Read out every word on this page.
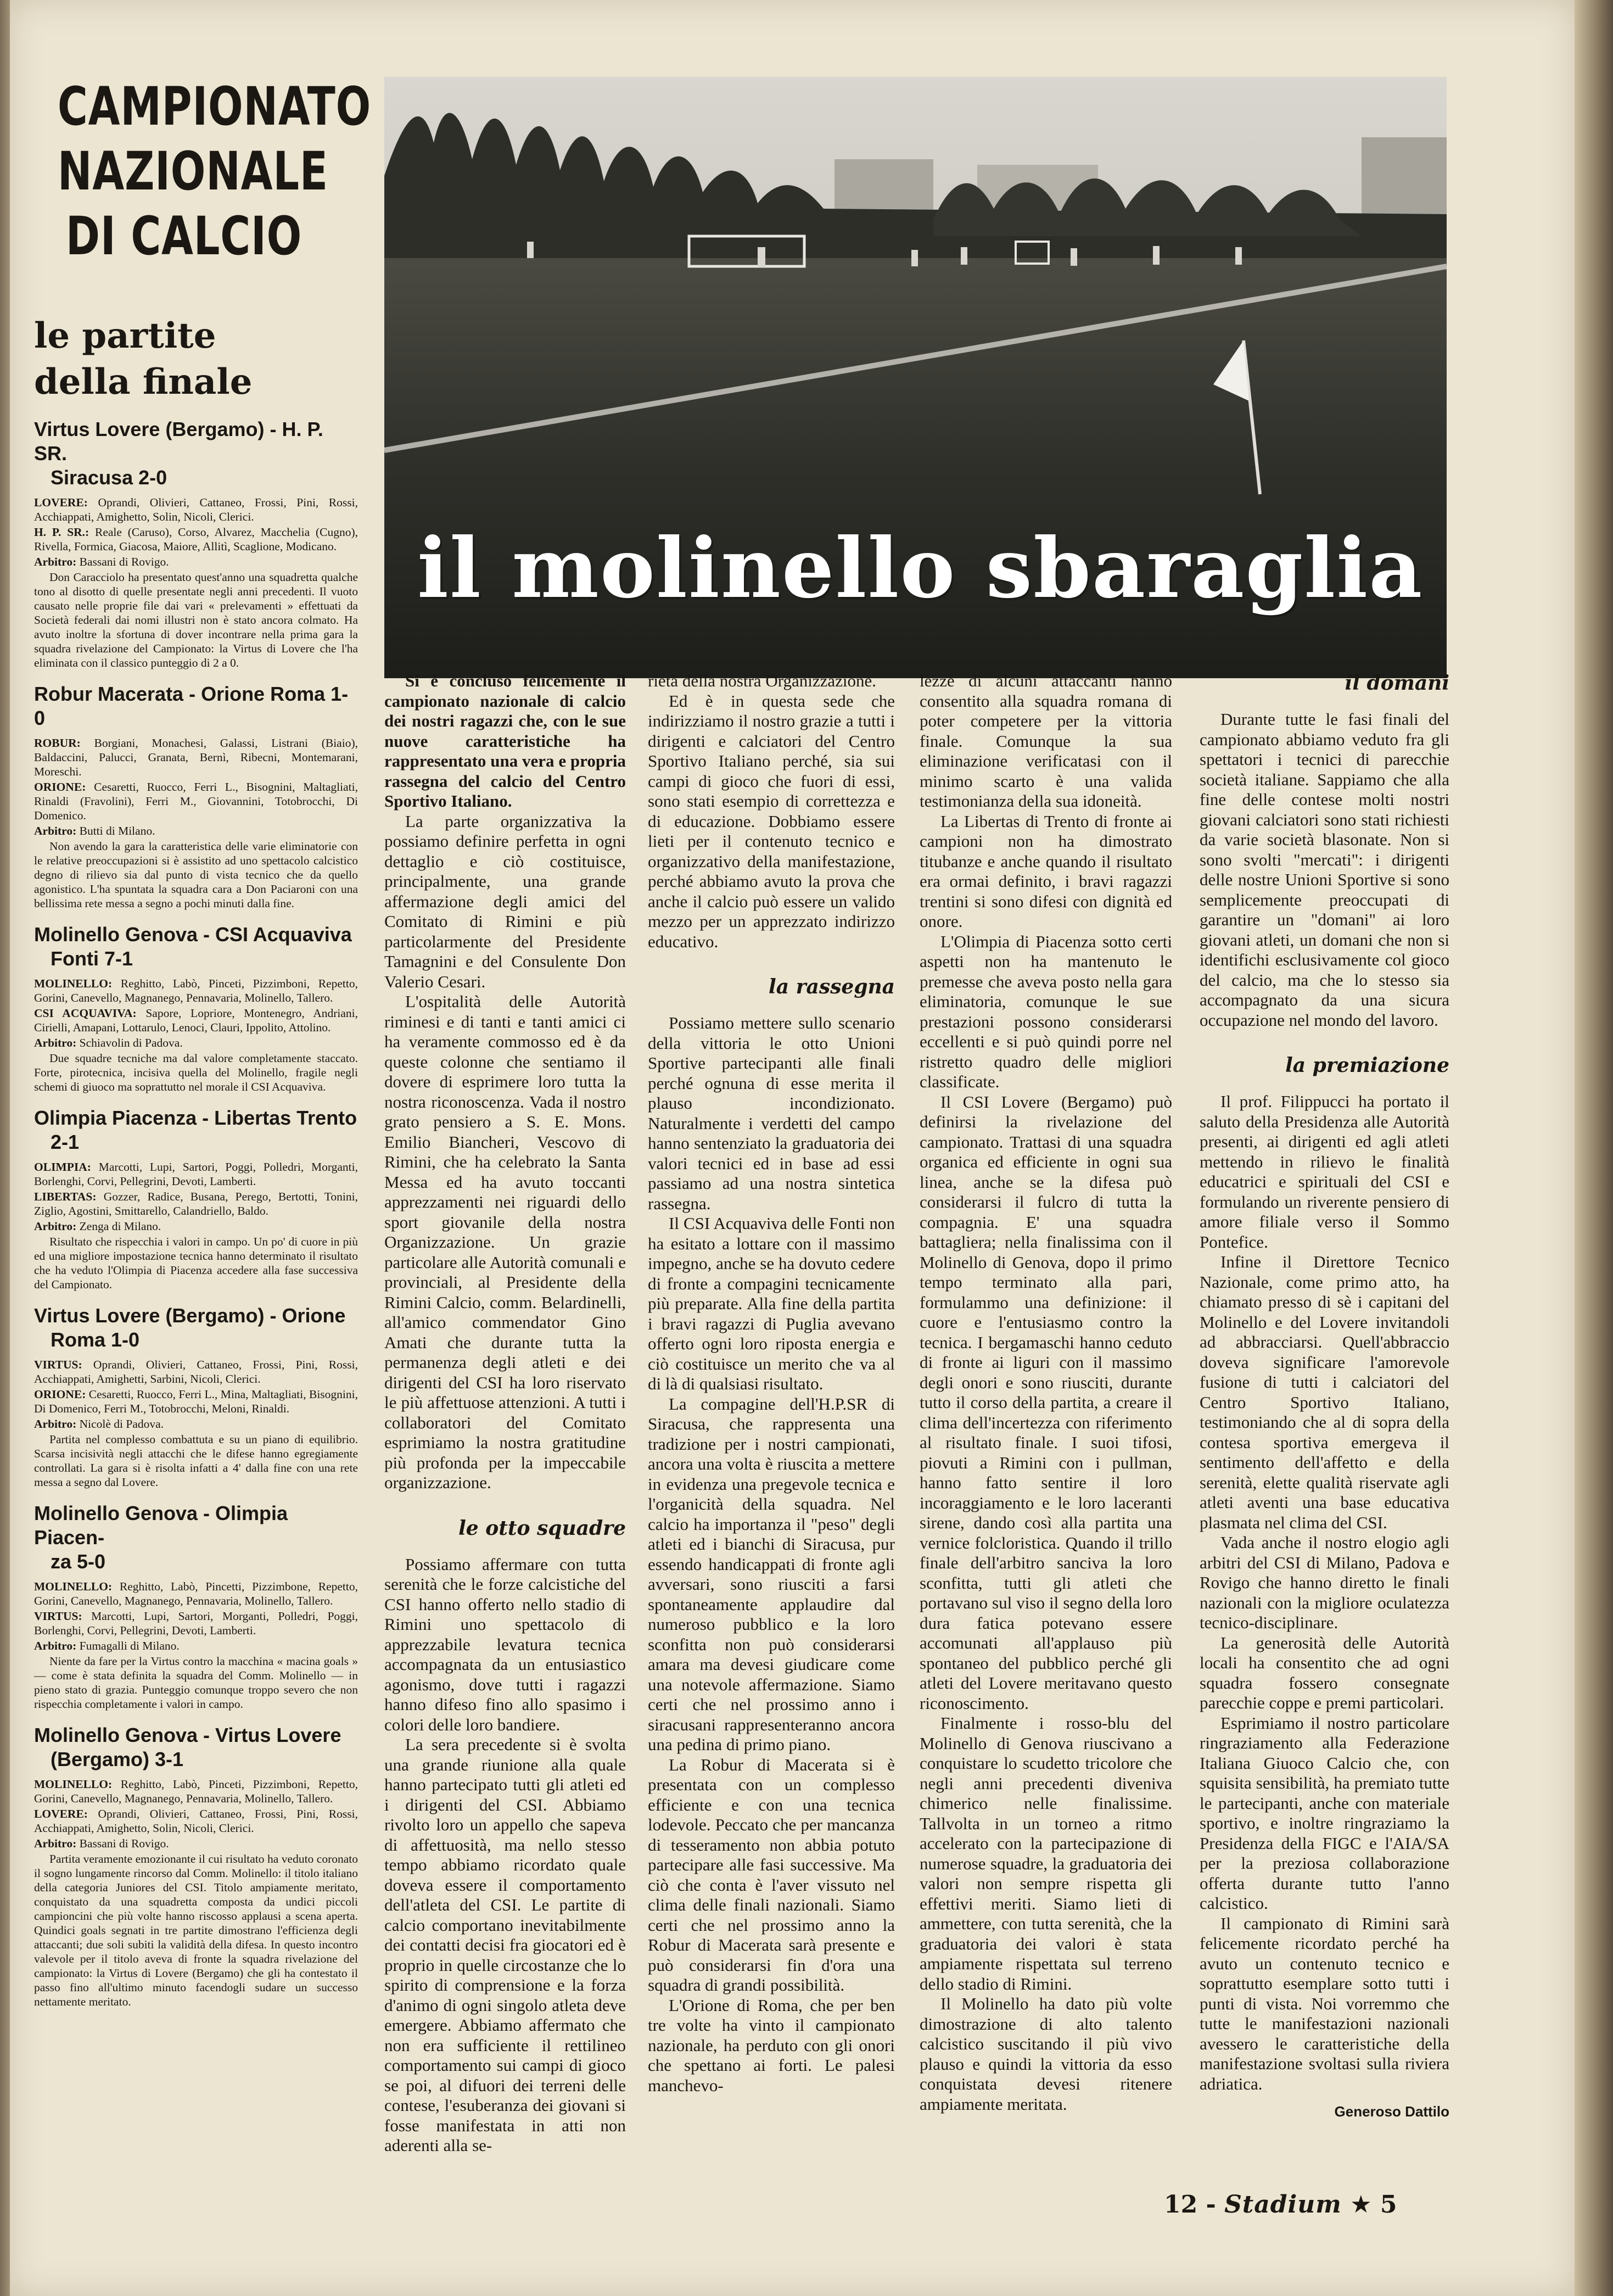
CAMPIONATO
NAZIONALE
DI CALCIO
le partite
della finale
Virtus Lovere (Bergamo) - H. P. SR.
Siracusa 2-0

LOVERE: Oprandi, Olivieri, Cattaneo, Frossi, Pini, Rossi, Acchiappati, Amighetto, Solin, Nicoli, Clerici.

H. P. SR.: Reale (Caruso), Corso, Alvarez, Macchelia (Cugno), Rivella, Formica, Giacosa, Maiore, Allitì, Scaglione, Modicano.

Arbitro: Bassani di Rovigo.

Don Caracciolo ha presentato quest'anno una squadretta qualche tono al disotto di quelle presentate negli anni precedenti. Il vuoto causato nelle proprie file dai vari « prelevamenti » effettuati da Società federali dai nomi illustri non è stato ancora colmato. Ha avuto inoltre la sfortuna di dover incontrare nella prima gara la squadra rivelazione del Campionato: la Virtus di Lovere che l'ha eliminata con il classico punteggio di 2 a 0.

Robur Macerata - Orione Roma 1-0

ROBUR: Borgiani, Monachesi, Galassi, Listrani (Biaio), Baldaccini, Palucci, Granata, Bernì, Ribecni, Montemarani, Moreschi.

ORIONE: Cesaretti, Ruocco, Ferri L., Bisognini, Maltagliati, Rinaldi (Fravolini), Ferri M., Giovannini, Totobrocchi, Di Domenico.

Arbitro: Butti di Milano.

Non avendo la gara la caratteristica delle varie eliminatorie con le relative preoccupazioni si è assistito ad uno spettacolo calcistico degno di rilievo sia dal punto di vista tecnico che da quello agonistico. L'ha spuntata la squadra cara a Don Paciaroni con una bellissima rete messa a segno a pochi minuti dalla fine.

Molinello Genova - CSI Acquaviva
Fonti 7-1

MOLINELLO: Reghitto, Labò, Pinceti, Pizzimboni, Repetto, Gorini, Canevello, Magnanego, Pennavaria, Molinello, Tallero.

CSI ACQUAVIVA: Sapore, Lopriore, Montenegro, Andriani, Cirielli, Amapani, Lottarulo, Lenoci, Clauri, Ippolito, Attolino.

Arbitro: Schiavolin di Padova.

Due squadre tecniche ma dal valore completamente staccato. Forte, pirotecnica, incisiva quella del Molinello, fragile negli schemi di giuoco ma soprattutto nel morale il CSI Acquaviva.

Olimpia Piacenza - Libertas Trento
2-1

OLIMPIA: Marcotti, Lupi, Sartori, Poggi, Polledri, Morganti, Borlenghi, Corvi, Pellegrini, Devoti, Lamberti.

LIBERTAS: Gozzer, Radice, Busana, Perego, Bertotti, Tonini, Ziglio, Agostini, Smittarello, Calandriello, Baldo.

Arbitro: Zenga di Milano.

Risultato che rispecchia i valori in campo. Un po' di cuore in più ed una migliore impostazione tecnica hanno determinato il risultato che ha veduto l'Olimpia di Piacenza accedere alla fase successiva del Campionato.

Virtus Lovere (Bergamo) - Orione
Roma 1-0

VIRTUS: Oprandi, Olivieri, Cattaneo, Frossi, Pini, Rossi, Acchiappati, Amighetti, Sarbini, Nicoli, Clerici.

ORIONE: Cesaretti, Ruocco, Ferri L., Mina, Maltagliati, Bisognini, Di Domenico, Ferri M., Totobrocchi, Meloni, Rinaldi.

Arbitro: Nicolè di Padova.

Partita nel complesso combattuta e su un piano di equilibrio. Scarsa incisività negli attacchi che le difese hanno egregiamente controllati. La gara si è risolta infatti a 4' dalla fine con una rete messa a segno dal Lovere.

Molinello Genova - Olimpia Piacen-
za 5-0

MOLINELLO: Reghitto, Labò, Pincetti, Pizzimbone, Repetto, Gorini, Canevello, Magnanego, Pennavaria, Molinello, Tallero.

VIRTUS: Marcotti, Lupi, Sartori, Morganti, Polledri, Poggi, Borlenghi, Corvi, Pellegrini, Devoti, Lamberti.

Arbitro: Fumagalli di Milano.

Niente da fare per la Virtus contro la macchina « macina goals » — come è stata definita la squadra del Comm. Molinello — in pieno stato di grazia. Punteggio comunque troppo severo che non rispecchia completamente i valori in campo.

Molinello Genova - Virtus Lovere
(Bergamo) 3-1

MOLINELLO: Reghitto, Labò, Pinceti, Pizzimboni, Repetto, Gorini, Canevello, Magnanego, Pennavaria, Molinello, Tallero.

LOVERE: Oprandi, Olivieri, Cattaneo, Frossi, Pini, Rossi, Acchiappati, Amighetto, Solin, Nicoli, Clerici.

Arbitro: Bassani di Rovigo.

Partita veramente emozionante il cui risultato ha veduto coronato il sogno lungamente rincorso dal Comm. Molinello: il titolo italiano della categoria Juniores del CSI. Titolo ampiamente meritato, conquistato da una squadretta composta da undici piccoli campioncini che più volte hanno riscosso applausi a scena aperta. Quindici goals segnati in tre partite dimostrano l'efficienza degli attaccanti; due soli subiti la validità della difesa. In questo incontro valevole per il titolo aveva di fronte la squadra rivelazione del campionato: la Virtus di Lovere (Bergamo) che gli ha contestato il passo fino all'ultimo minuto facendogli sudare un successo nettamente meritato.

il molinello sbaraglia

Si è concluso felicemente il campionato nazionale di calcio dei nostri ragazzi che, con le sue nuove caratteristiche ha rappresentato una vera e propria rassegna del calcio del Centro Sportivo Italiano.

La parte organizzativa la possiamo definire perfetta in ogni dettaglio e ciò costituisce, principalmente, una grande affermazione degli amici del Comitato di Rimini e più particolarmente del Presidente Tamagnini e del Consulente Don Valerio Cesari.

L'ospitalità delle Autorità riminesi e di tanti e tanti amici ci ha veramente commosso ed è da queste colonne che sentiamo il dovere di esprimere loro tutta la nostra riconoscenza. Vada il nostro grato pensiero a S. E. Mons. Emilio Biancheri, Vescovo di Rimini, che ha celebrato la Santa Messa ed ha avuto toccanti apprezzamenti nei riguardi dello sport giovanile della nostra Organizzazione. Un grazie particolare alle Autorità comunali e provinciali, al Presidente della Rimini Calcio, comm. Belardinelli, all'amico commendator Gino Amati che durante tutta la permanenza degli atleti e dei dirigenti del CSI ha loro riservato le più affettuose attenzioni. A tutti i collaboratori del Comitato esprimiamo la nostra gratitudine più profonda per la impeccabile organizzazione.

le otto squadre

Possiamo affermare con tutta serenità che le forze calcistiche del CSI hanno offerto nello stadio di Rimini uno spettacolo di apprezzabile levatura tecnica accompagnata da un entusiastico agonismo, dove tutti i ragazzi hanno difeso fino allo spasimo i colori delle loro bandiere.

La sera precedente si è svolta una grande riunione alla quale hanno partecipato tutti gli atleti ed i dirigenti del CSI. Abbiamo rivolto loro un appello che sapeva di affettuosità, ma nello stesso tempo abbiamo ricordato quale doveva essere il comportamento dell'atleta del CSI. Le partite di calcio comportano inevitabilmente dei contatti decisi fra giocatori ed è proprio in quelle circostanze che lo spirito di comprensione e la forza d'animo di ogni singolo atleta deve emergere. Abbiamo affermato che non era sufficiente il rettilineo comportamento sui campi di gioco se poi, al difuori dei terreni delle contese, l'esuberanza dei giovani si fosse manifestata in atti non aderenti alla se-

rietà della nostra Organizzazione.

Ed è in questa sede che indirizziamo il nostro grazie a tutti i dirigenti e calciatori del Centro Sportivo Italiano perché, sia sui campi di gioco che fuori di essi, sono stati esempio di correttezza e di educazione. Dobbiamo essere lieti per il contenuto tecnico e organizzativo della manifestazione, perché abbiamo avuto la prova che anche il calcio può essere un valido mezzo per un apprezzato indirizzo educativo.

la rassegna

Possiamo mettere sullo scenario della vittoria le otto Unioni Sportive partecipanti alle finali perché ognuna di esse merita il plauso incondizionato. Naturalmente i verdetti del campo hanno sentenziato la graduatoria dei valori tecnici ed in base ad essi passiamo ad una nostra sintetica rassegna.

Il CSI Acquaviva delle Fonti non ha esitato a lottare con il massimo impegno, anche se ha dovuto cedere di fronte a compagini tecnicamente più preparate. Alla fine della partita i bravi ragazzi di Puglia avevano offerto ogni loro riposta energia e ciò costituisce un merito che va al di là di qualsiasi risultato.

La compagine dell'H.P.SR di Siracusa, che rappresenta una tradizione per i nostri campionati, ancora una volta è riuscita a mettere in evidenza una pregevole tecnica e l'organicità della squadra. Nel calcio ha importanza il "peso" degli atleti ed i bianchi di Siracusa, pur essendo handicappati di fronte agli avversari, sono riusciti a farsi spontaneamente applaudire dal numeroso pubblico e la loro sconfitta non può considerarsi amara ma devesi giudicare come una notevole affermazione. Siamo certi che nel prossimo anno i siracusani rappresenteranno ancora una pedina di primo piano.

La Robur di Macerata si è presentata con un complesso efficiente e con una tecnica lodevole. Peccato che per mancanza di tesseramento non abbia potuto partecipare alle fasi successive. Ma ciò che conta è l'aver vissuto nel clima delle finali nazionali. Siamo certi che nel prossimo anno la Robur di Macerata sarà presente e può considerarsi fin d'ora una squadra di grandi possibilità.

L'Orione di Roma, che per ben tre volte ha vinto il campionato nazionale, ha perduto con gli onori che spettano ai forti. Le palesi manchevo-

lezze di alcuni attaccanti hanno consentito alla squadra romana di poter competere per la vittoria finale. Comunque la sua eliminazione verificatasi con il minimo scarto è una valida testimonianza della sua idoneità.

La Libertas di Trento di fronte ai campioni non ha dimostrato titubanze e anche quando il risultato era ormai definito, i bravi ragazzi trentini si sono difesi con dignità ed onore.

L'Olimpia di Piacenza sotto certi aspetti non ha mantenuto le premesse che aveva posto nella gara eliminatoria, comunque le sue prestazioni possono considerarsi eccellenti e si può quindi porre nel ristretto quadro delle migliori classificate.

Il CSI Lovere (Bergamo) può definirsi la rivelazione del campionato. Trattasi di una squadra organica ed efficiente in ogni sua linea, anche se la difesa può considerarsi il fulcro di tutta la compagnia. E' una squadra battagliera; nella finalissima con il Molinello di Genova, dopo il primo tempo terminato alla pari, formulammo una definizione: il cuore e l'entusiasmo contro la tecnica. I bergamaschi hanno ceduto di fronte ai liguri con il massimo degli onori e sono riusciti, durante tutto il corso della partita, a creare il clima dell'incertezza con riferimento al risultato finale. I suoi tifosi, piovuti a Rimini con i pullman, hanno fatto sentire il loro incoraggiamento e le loro laceranti sirene, dando così alla partita una vernice folcloristica. Quando il trillo finale dell'arbitro sanciva la loro sconfitta, tutti gli atleti che portavano sul viso il segno della loro dura fatica potevano essere accomunati all'applauso più spontaneo del pubblico perché gli atleti del Lovere meritavano questo riconoscimento.

Finalmente i rosso-blu del Molinello di Genova riuscivano a conquistare lo scudetto tricolore che negli anni precedenti diveniva chimerico nelle finalissime. Tallvolta in un torneo a ritmo accelerato con la partecipazione di numerose squadre, la graduatoria dei valori non sempre rispetta gli effettivi meriti. Siamo lieti di ammettere, con tutta serenità, che la graduatoria dei valori è stata ampiamente rispettata sul terreno dello stadio di Rimini.

Il Molinello ha dato più volte dimostrazione di alto talento calcistico suscitando il più vivo plauso e quindi la vittoria da esso conquistata devesi ritenere ampiamente meritata.

il domani

Durante tutte le fasi finali del campionato abbiamo veduto fra gli spettatori i tecnici di parecchie società italiane. Sappiamo che alla fine delle contese molti nostri giovani calciatori sono stati richiesti da varie società blasonate. Non si sono svolti "mercati": i dirigenti delle nostre Unioni Sportive si sono semplicemente preoccupati di garantire un "domani" ai loro giovani atleti, un domani che non si identifichi esclusivamente col gioco del calcio, ma che lo stesso sia accompagnato da una sicura occupazione nel mondo del lavoro.

la premiazione

Il prof. Filippucci ha portato il saluto della Presidenza alle Autorità presenti, ai dirigenti ed agli atleti mettendo in rilievo le finalità educatrici e spirituali del CSI e formulando un riverente pensiero di amore filiale verso il Sommo Pontefice.

Infine il Direttore Tecnico Nazionale, come primo atto, ha chiamato presso di sè i capitani del Molinello e del Lovere invitandoli ad abbracciarsi. Quell'abbraccio doveva significare l'amorevole fusione di tutti i calciatori del Centro Sportivo Italiano, testimoniando che al di sopra della contesa sportiva emergeva il sentimento dell'affetto e della serenità, elette qualità riservate agli atleti aventi una base educativa plasmata nel clima del CSI.

Vada anche il nostro elogio agli arbitri del CSI di Milano, Padova e Rovigo che hanno diretto le finali nazionali con la migliore oculatezza tecnico-disciplinare.

La generosità delle Autorità locali ha consentito che ad ogni squadra fossero consegnate parecchie coppe e premi particolari.

Esprimiamo il nostro particolare ringraziamento alla Federazione Italiana Giuoco Calcio che, con squisita sensibilità, ha premiato tutte le partecipanti, anche con materiale sportivo, e inoltre ringraziamo la Presidenza della FIGC e l'AIA/SA per la preziosa collaborazione offerta durante tutto l'anno calcistico.

Il campionato di Rimini sarà felicemente ricordato perché ha avuto un contenuto tecnico e soprattutto esemplare sotto tutti i punti di vista. Noi vorremmo che tutte le manifestazioni nazionali avessero le caratteristiche della manifestazione svoltasi sulla riviera adriatica.

Generoso Dattilo
12 - Stadium ★ 5
